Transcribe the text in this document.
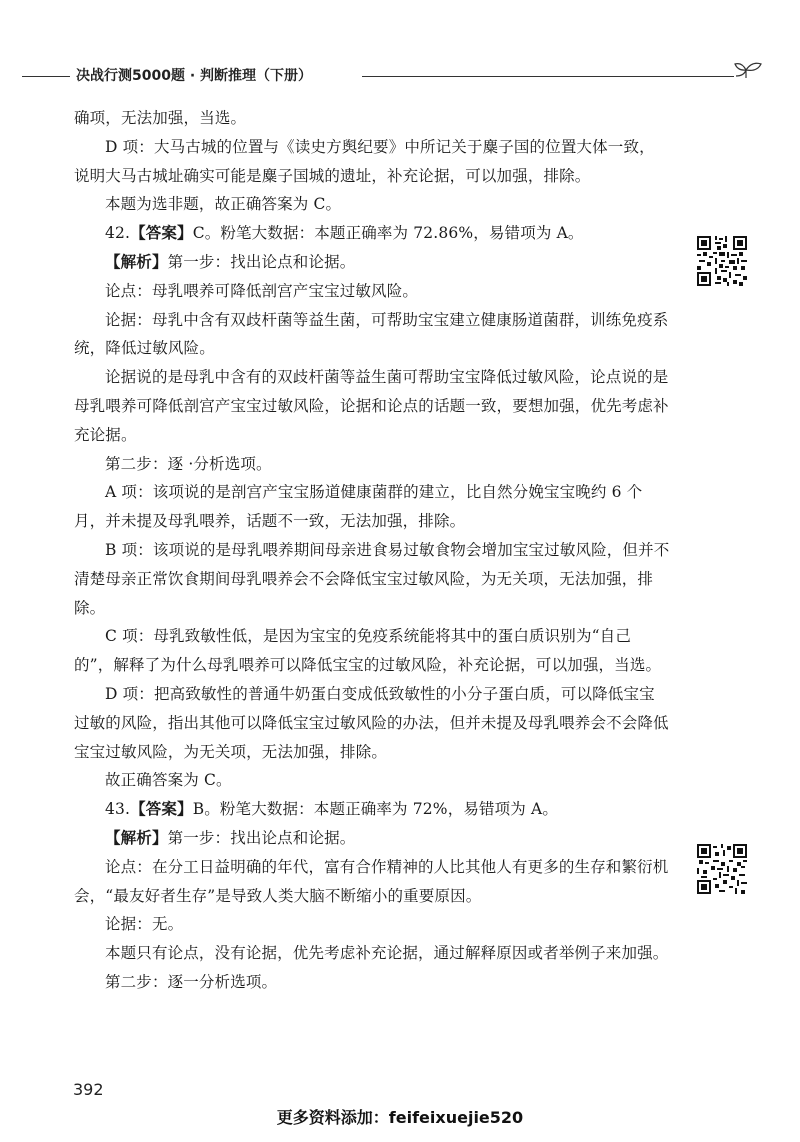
决战行测5000题 · 判断推理（下册）

确项，无法加强，当选。

D 项：大马古城的位置与《读史方舆纪要》中所记关于麋子国的位置大体一致，说明大马古城址确实可能是麋子国城的遗址，补充论据，可以加强，排除。

本题为选非题，故正确答案为 C。

42.【答案】C。粉笔大数据：本题正确率为 72.86%，易错项为 A。

【解析】第一步：找出论点和论据。

论点：母乳喂养可降低剖宫产宝宝过敏风险。

论据：母乳中含有双歧杆菌等益生菌，可帮助宝宝建立健康肠道菌群，训练免疫系统，降低过敏风险。

论据说的是母乳中含有的双歧杆菌等益生菌可帮助宝宝降低过敏风险，论点说的是母乳喂养可降低剖宫产宝宝过敏风险，论据和论点的话题一致，要想加强，优先考虑补充论据。

第二步：逐 ·分析选项。

A 项：该项说的是剖宫产宝宝肠道健康菌群的建立，比自然分娩宝宝晚约 6 个月，并未提及母乳喂养，话题不一致，无法加强，排除。

B 项：该项说的是母乳喂养期间母亲进食易过敏食物会增加宝宝过敏风险，但并不清楚母亲正常饮食期间母乳喂养会不会降低宝宝过敏风险，为无关项，无法加强，排除。

C 项：母乳致敏性低，是因为宝宝的免疫系统能将其中的蛋白质识别为“自己的”，解释了为什么母乳喂养可以降低宝宝的过敏风险，补充论据，可以加强，当选。

D 项：把高致敏性的普通牛奶蛋白变成低致敏性的小分子蛋白质，可以降低宝宝过敏的风险，指出其他可以降低宝宝过敏风险的办法，但并未提及母乳喂养会不会降低宝宝过敏风险，为无关项，无法加强，排除。

故正确答案为 C。

43.【答案】B。粉笔大数据：本题正确率为 72%，易错项为 A。

【解析】第一步：找出论点和论据。

论点：在分工日益明确的年代，富有合作精神的人比其他人有更多的生存和繁衍机会，“最友好者生存”是导致人类大脑不断缩小的重要原因。

论据：无。

本题只有论点，没有论据，优先考虑补充论据，通过解释原因或者举例子来加强。

第二步：逐一分析选项。

392
更多资料添加：feifeixuejie520
